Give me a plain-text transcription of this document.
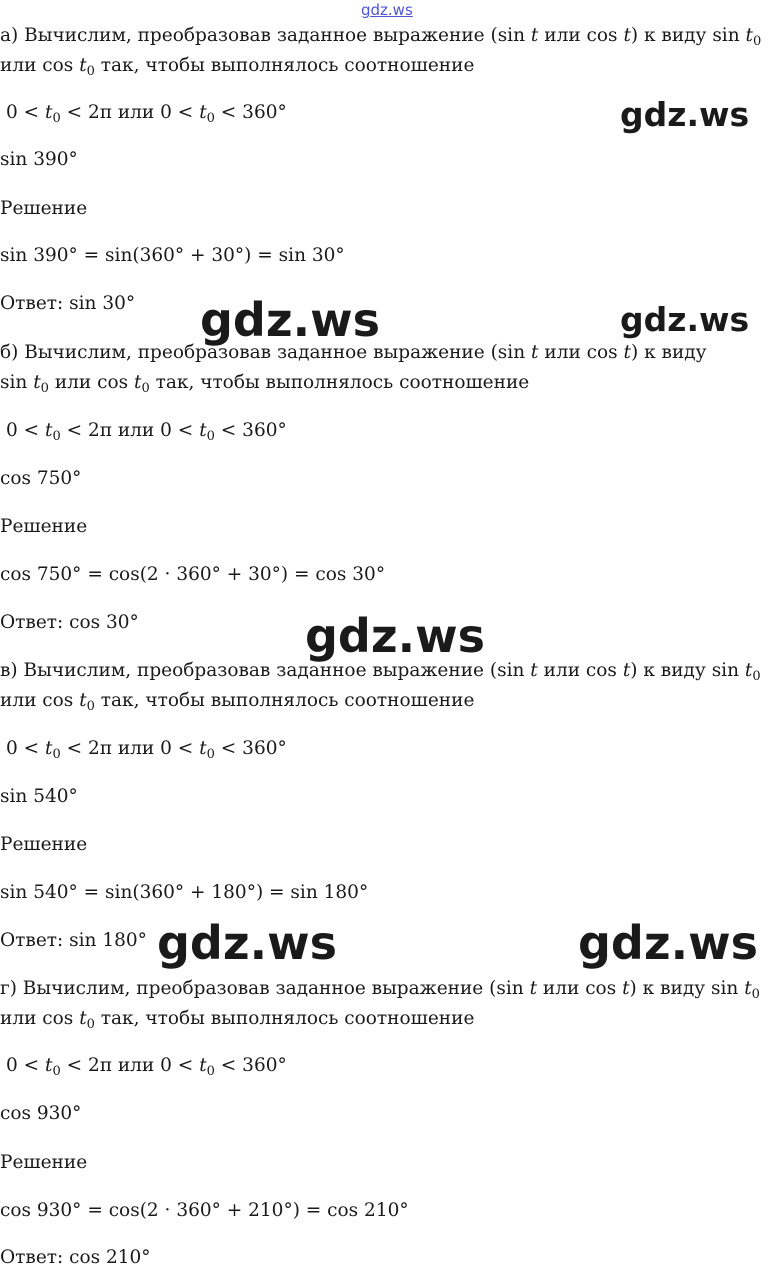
gdz.ws
а) Вычислим, преобразовав заданное выражение (sin t или cos t) к виду $\sin t_0$
или $\cos t_0$ так, чтобы выполнялось соотношение
$0 < t_0 < 2\pi$ или $0 < t_0 < 360^\circ$	gdz.ws
sin 390°
Решение
sin 390° = sin(360° + 30°) = sin 30°
Ответ: sin 30° gdz.ws	gdz.ws
б) Вычислим, преобразовав заданное выражение (sin t или cos t) к виду
$\sin t_0$ или $\cos t_0$ так, чтобы выполнялось соотношение
$0 < t_0 < 2\pi$ или $0 < t_0 < 360^\circ$
cos 750°
Решение
cos 750° = cos(2 · 360° + 30°) = cos 30°
Ответ: cos 30°	gdz.ws
в) Вычислим, преобразовав заданное выражение (sin t или cos t) к виду $\sin t_0$
или $\cos t_0$ так, чтобы выполнялось соотношение
$0 < t_0 < 2\pi$ или $0 < t_0 < 360^\circ$
sin 540°
Решение
sin 540° = sin(360° + 180°) = sin 180°
Ответ: sin 180° gdz.ws	gdz.ws
г) Вычислим, преобразовав заданное выражение (sin t или cos t) к виду $\sin t_0$
или $\cos t_0$ так, чтобы выполнялось соотношение
$0 < t_0 < 2\pi$ или $0 < t_0 < 360^\circ$
cos 930°
Решение
cos 930° = cos(2 · 360° + 210°) = cos 210°
Ответ: cos 210°
